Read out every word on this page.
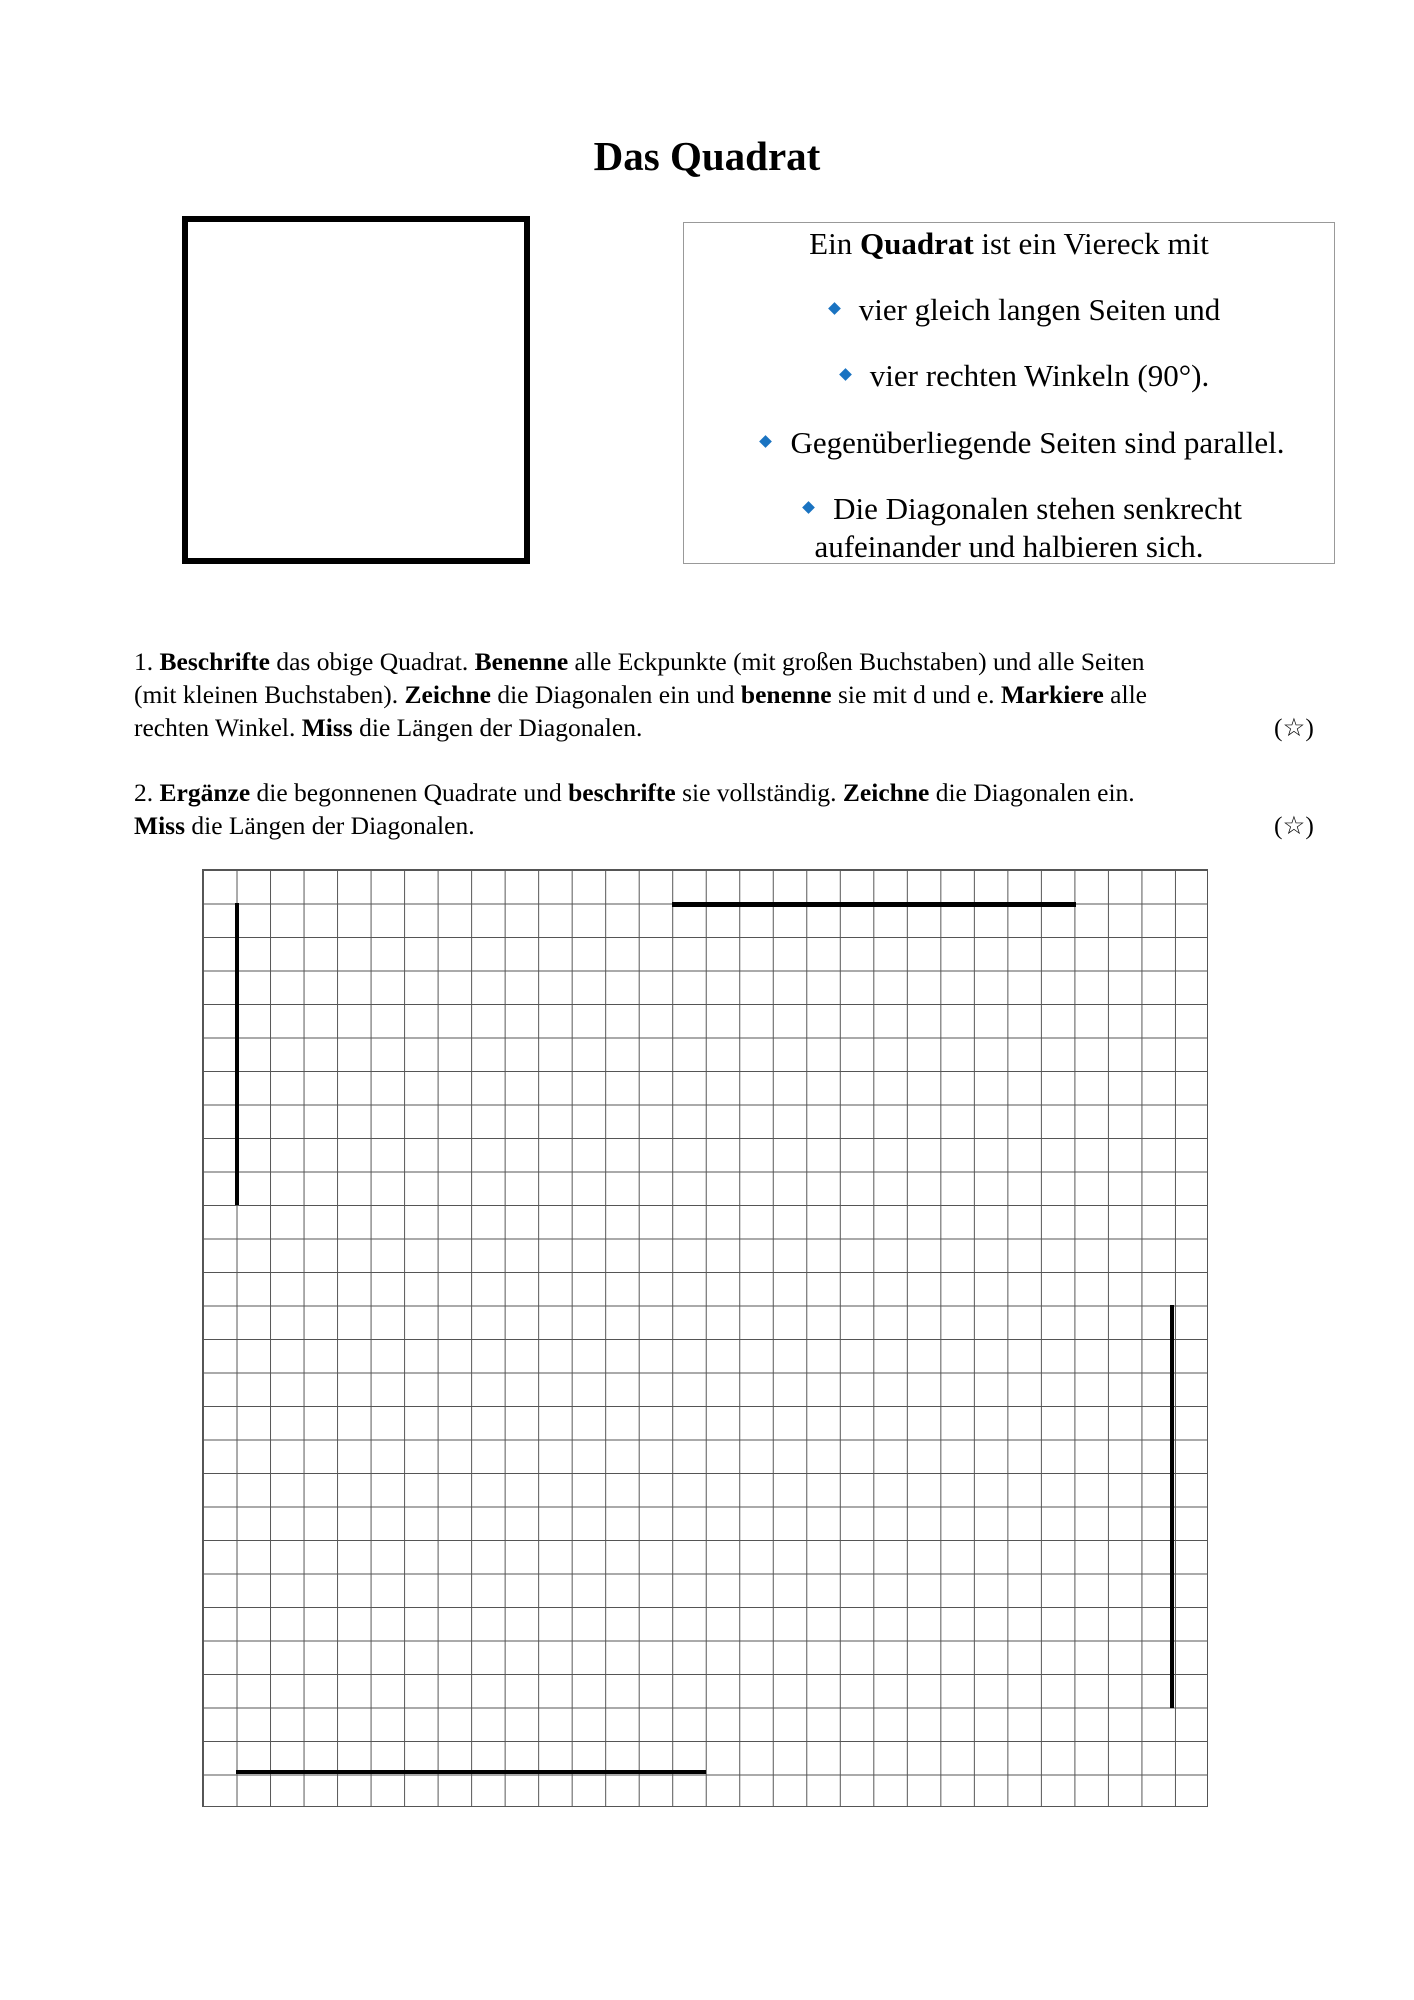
Das Quadrat
Ein Quadrat ist ein Viereck mit
vier gleich langen Seiten und
vier rechten Winkeln (90°).
Gegenüberliegende Seiten sind parallel.
Die Diagonalen stehen senkrecht
aufeinander und halbieren sich.
1. Beschrifte das obige Quadrat. Benenne alle Eckpunkte (mit großen Buchstaben) und alle Seiten
(mit kleinen Buchstaben). Zeichne die Diagonalen ein und benenne sie mit d und e. Markiere alle
rechten Winkel. Miss die Längen der Diagonalen.	(☆)
2. Ergänze die begonnenen Quadrate und beschrifte sie vollständig. Zeichne die Diagonalen ein.
Miss die Längen der Diagonalen.	(☆)
